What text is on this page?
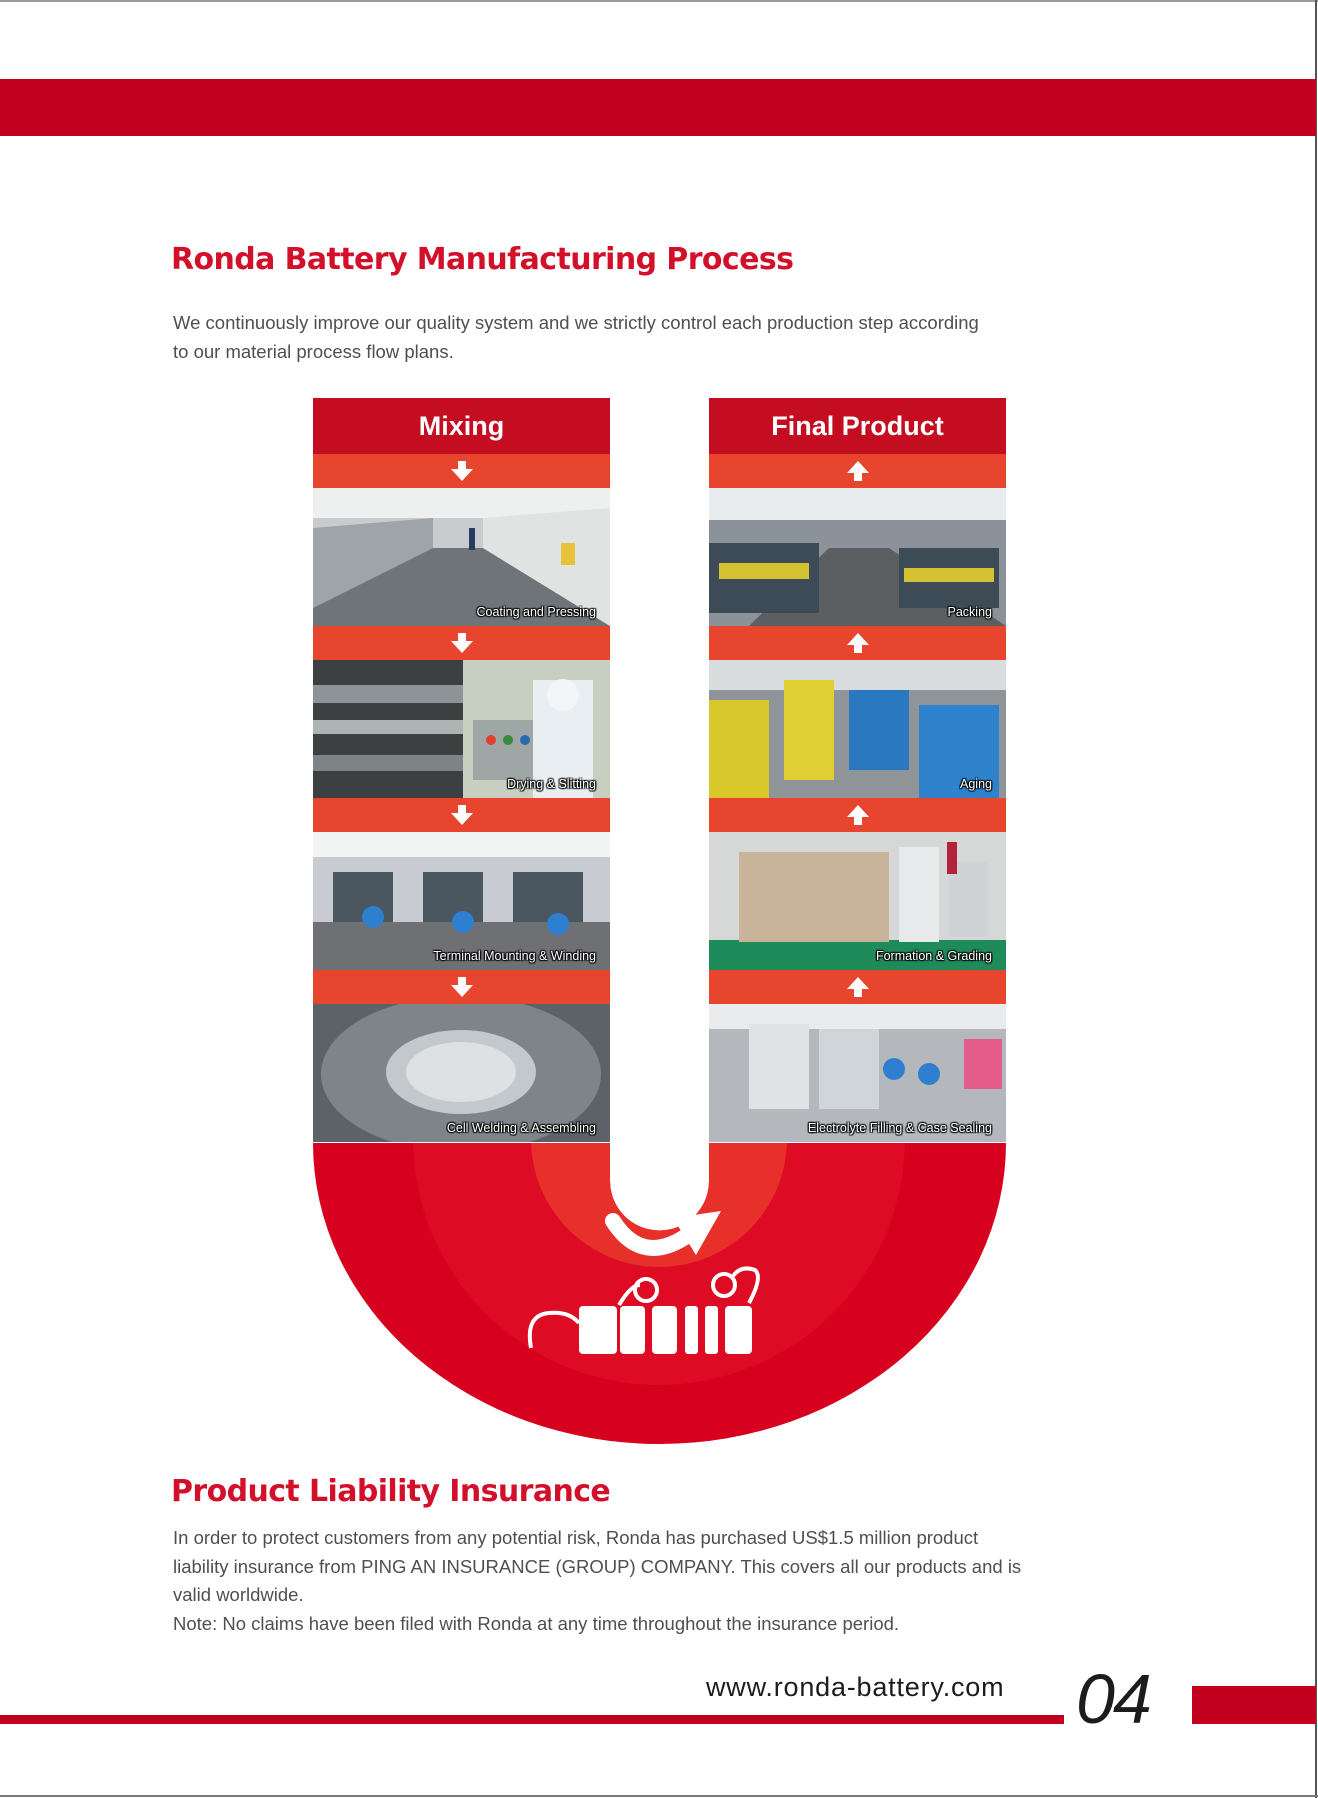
Ronda Battery Manufacturing Process

We continuously improve our quality system and we strictly control each production step according
to our material process flow plans.

Mixing
Coating and Pressing
Drying & Slitting
Terminal Mounting & Winding
Cell Welding & Assembling
Final Product
Packing
Aging
Formation & Grading
Electrolyte Filling & Case Sealing
Product Liability Insurance

In order to protect customers from any potential risk, Ronda has purchased US$1.5 million product
liability insurance from PING AN INSURANCE (GROUP) COMPANY. This covers all our products and is
valid worldwide.
Note: No claims have been filed with Ronda at any time throughout the insurance period.

www.ronda-battery.com 04
